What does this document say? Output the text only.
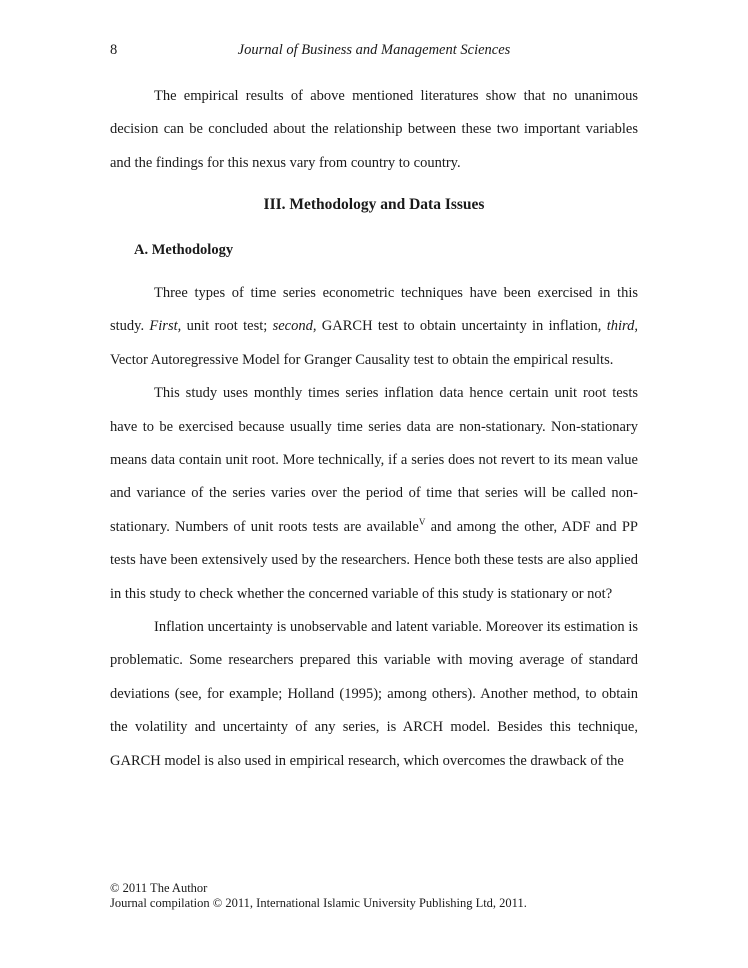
8	Journal of Business and Management Sciences

The empirical results of above mentioned literatures show that no unanimous decision can be concluded about the relationship between these two important variables and the findings for this nexus vary from country to country.

III. Methodology and Data Issues
A. Methodology

Three types of time series econometric techniques have been exercised in this study. First, unit root test; second, GARCH test to obtain uncertainty in inflation, third, Vector Autoregressive Model for Granger Causality test to obtain the empirical results.

This study uses monthly times series inflation data hence certain unit root tests have to be exercised because usually time series data are non-stationary. Non-stationary means data contain unit root. More technically, if a series does not revert to its mean value and variance of the series varies over the period of time that series will be called non-stationary. Numbers of unit roots tests are available$^V$ and among the other, ADF and PP tests have been extensively used by the researchers. Hence both these tests are also applied in this study to check whether the concerned variable of this study is stationary or not?

Inflation uncertainty is unobservable and latent variable. Moreover its estimation is problematic. Some researchers prepared this variable with moving average of standard deviations (see, for example; Holland (1995); among others). Another method, to obtain the volatility and uncertainty of any series, is ARCH model. Besides this technique, GARCH model is also used in empirical research, which overcomes the drawback of the

© 2011 The Author
Journal compilation © 2011, International Islamic University Publishing Ltd, 2011.
